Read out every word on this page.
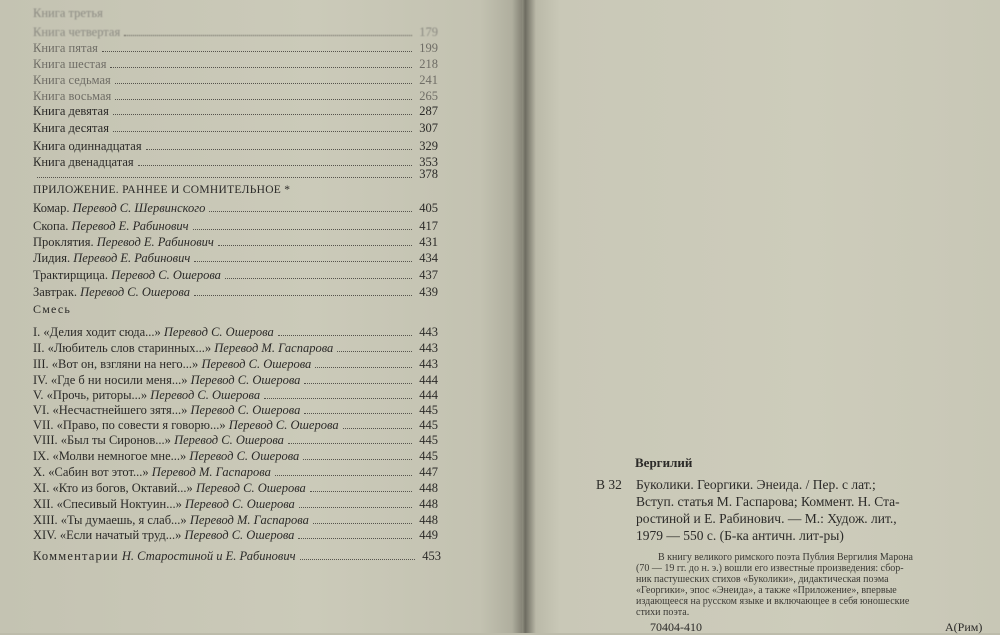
Книга третья
Книга четвертая	179
Книга пятая	199
Книга шестая	218
Книга седьмая	241
Книга восьмая	265
Книга девятая	287
Книга десятая	307
Книга одиннадцатая	329
Книга двенадцатая	353
378
ПРИЛОЖЕНИЕ. РАННЕЕ И СОМНИТЕЛЬНОЕ *
Комар. Перевод С. Шервинского	405
Скопа. Перевод Е. Рабинович	417
Проклятия. Перевод Е. Рабинович	431
Лидия. Перевод Е. Рабинович	434
Трактирщица. Перевод С. Ошерова	437
Завтрак. Перевод С. Ошерова	439
Смесь
I. «Делия ходит сюда...» Перевод С. Ошерова	443
II. «Любитель слов старинных...» Перевод М. Гаспарова	443
III. «Вот он, взгляни на него...» Перевод С. Ошерова	443
IV. «Где б ни носили меня...» Перевод С. Ошерова	444
V. «Прочь, риторы...» Перевод С. Ошерова	444
VI. «Несчастнейшего зятя...» Перевод С. Ошерова	445
VII. «Право, по совести я говорю...» Перевод С. Ошерова	445
VIII. «Был ты Сиронов...» Перевод С. Ошерова	445
IX. «Молви немногое мне...» Перевод С. Ошерова	445
X. «Сабин вот этот...» Перевод М. Гаспарова	447
XI. «Кто из богов, Октавий...» Перевод С. Ошерова	448
XII. «Спесивый Ноктуин...» Перевод С. Ошерова	448
XIII. «Ты думаешь, я слаб...» Перевод М. Гаспарова	448
XIV. «Если начатый труд...» Перевод С. Ошерова	449
Комментарии Н. Старостиной и Е. Рабинович	453
Вергилий
В 32 Буколики. Георгики. Энеида. / Пер. с лат.;
Вступ. статья М. Гаспарова; Коммент. Н. Ста-
ростиной и Е. Рабинович. — М.: Худож. лит.,
1979 — 550 с. (Б-ка античн. лит-ры)
В книгу великого римского поэта Публия Вергилия Марона
(70 — 19 гг. до н. э.) вошли его известные произведения: сбор-
ник пастушеских стихов «Буколики», дидактическая поэма
«Георгики», эпос «Энеида», а также «Приложение», впервые
издающееся на русском языке и включающее в себя юношеские
стихи поэта.
70404-410	А(Рим)
